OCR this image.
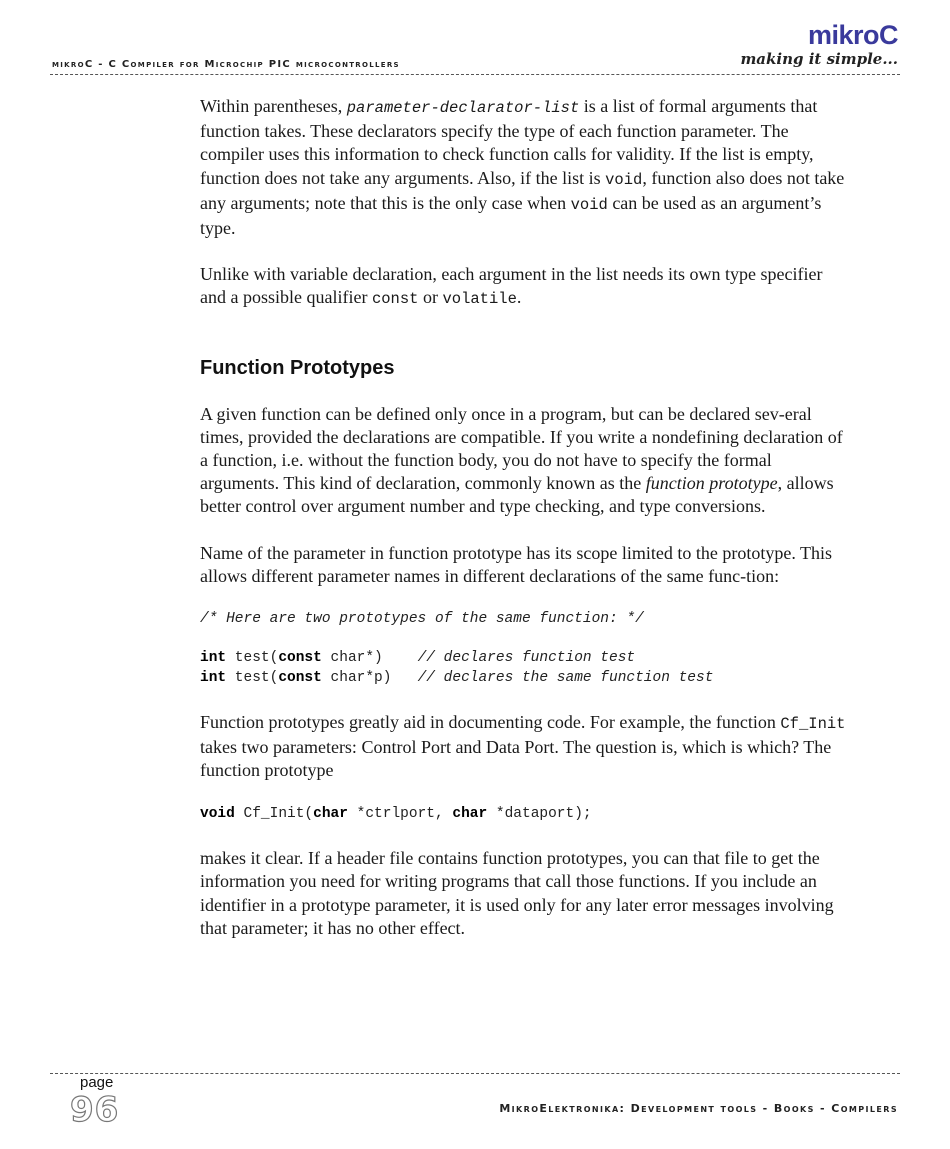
mikroC - C Compiler for Microchip PIC microcontrollers
mikroC
making it simple...

Within parentheses, parameter-declarator-list is a list of formal arguments that function takes. These declarators specify the type of each function parameter. The compiler uses this information to check function calls for validity. If the list is empty, function does not take any arguments. Also, if the list is void, function also does not take any arguments; note that this is the only case when void can be used as an argument’s type.

Unlike with variable declaration, each argument in the list needs its own type specifier and a possible qualifier const or volatile.

Function Prototypes

A given function can be defined only once in a program, but can be declared sev-eral times, provided the declarations are compatible. If you write a nondefining declaration of a function, i.e. without the function body, you do not have to specify the formal arguments. This kind of declaration, commonly known as the function prototype, allows better control over argument number and type checking, and type conversions.

Name of the parameter in function prototype has its scope limited to the prototype. This allows different parameter names in different declarations of the same func-tion:

/* Here are two prototypes of the same function: */

int test(const char*)    // declares function test
int test(const char*p)   // declares the same function test

Function prototypes greatly aid in documenting code. For example, the function Cf_Init takes two parameters: Control Port and Data Port. The question is, which is which? The function prototype

void Cf_Init(char *ctrlport, char *dataport);

makes it clear. If a header file contains function prototypes, you can that file to get the information you need for writing programs that call those functions. If you include an identifier in a prototype parameter, it is used only for any later error messages involving that parameter; it has no other effect.

page
96	MikroElektronika: Development tools - Books - Compilers
